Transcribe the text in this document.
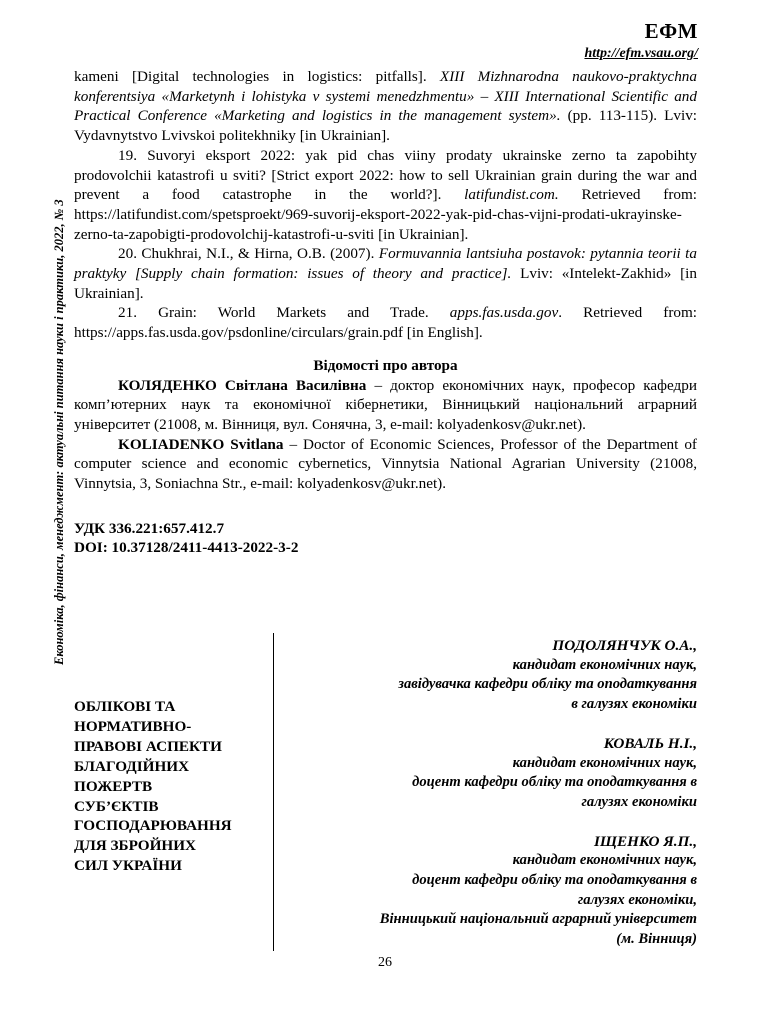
ЕФМ
http://efm.vsau.org/
Економіка, фінанси, менеджмент: актуальні питання науки і практики, 2022, № 3

kameni [Digital technologies in logistics: pitfalls]. XIII Mizhnarodna naukovo-praktychna konferentsiya «Marketynh i lohistyka v systemi menedzhmentu» – XIII International Scientific and Practical Conference «Marketing and logistics in the management system». (pp. 113-115). Lviv: Vydavnytstvo Lvivskoi politekhniky [in Ukrainian].

19. Suvoryi eksport 2022: yak pid chas viiny prodaty ukrainske zerno ta zapobihty prodovolchii katastrofi u sviti? [Strict export 2022: how to sell Ukrainian grain during the war and prevent a food catastrophe in the world?]. latifundist.com. Retrieved from: https://latifundist.com/spetsproekt/969-suvorij-eksport-2022-yak-pid-chas-vijni-prodati-ukrayinske-zerno-ta-zapobigti-prodovolchij-katastrofi-u-sviti [in Ukrainian].

20. Chukhrai, N.I., & Hirna, O.B. (2007). Formuvannia lantsiuha postavok: pytannia teorii ta praktyky [Supply chain formation: issues of theory and practice]. Lviv: «Intelekt-Zakhid» [in Ukrainian].

21. Grain: World Markets and Trade. apps.fas.usda.gov. Retrieved from: https://apps.fas.usda.gov/psdonline/circulars/grain.pdf [in English].

Відомості про автора

КОЛЯДЕНКО Світлана Василівна – доктор економічних наук, професор кафедри комп’ютерних наук та економічної кібернетики, Вінницький національний аграрний університет (21008, м. Вінниця, вул. Сонячна, 3, e-mail: kolyadenkosv@ukr.net).

KOLIADENKO Svitlana – Doctor of Economic Sciences, Professor of the Department of computer science and economic cybernetics, Vinnytsia National Agrarian University (21008, Vinnytsia, 3, Soniachna Str., e-mail: kolyadenkosv@ukr.net).

УДК 336.221:657.412.7
DOI: 10.37128/2411-4413-2022-3-2
ОБЛІКОВІ ТА
НОРМАТИВНО-
ПРАВОВІ АСПЕКТИ
БЛАГОДІЙНИХ
ПОЖЕРТВ
СУБ’ЄКТІВ
ГОСПОДАРЮВАННЯ
ДЛЯ ЗБРОЙНИХ
СИЛ УКРАЇНИ
ПОДОЛЯНЧУК О.А.,
кандидат економічних наук,
завідувачка кафедри обліку та оподаткування
в галузях економіки
КОВАЛЬ Н.І.,
кандидат економічних наук,
доцент кафедри обліку та оподаткування в
галузях економіки
ІЩЕНКО Я.П.,
кандидат економічних наук,
доцент кафедри обліку та оподаткування в
галузях економіки,
Вінницький національний аграрний університет
(м. Вінниця)
26
